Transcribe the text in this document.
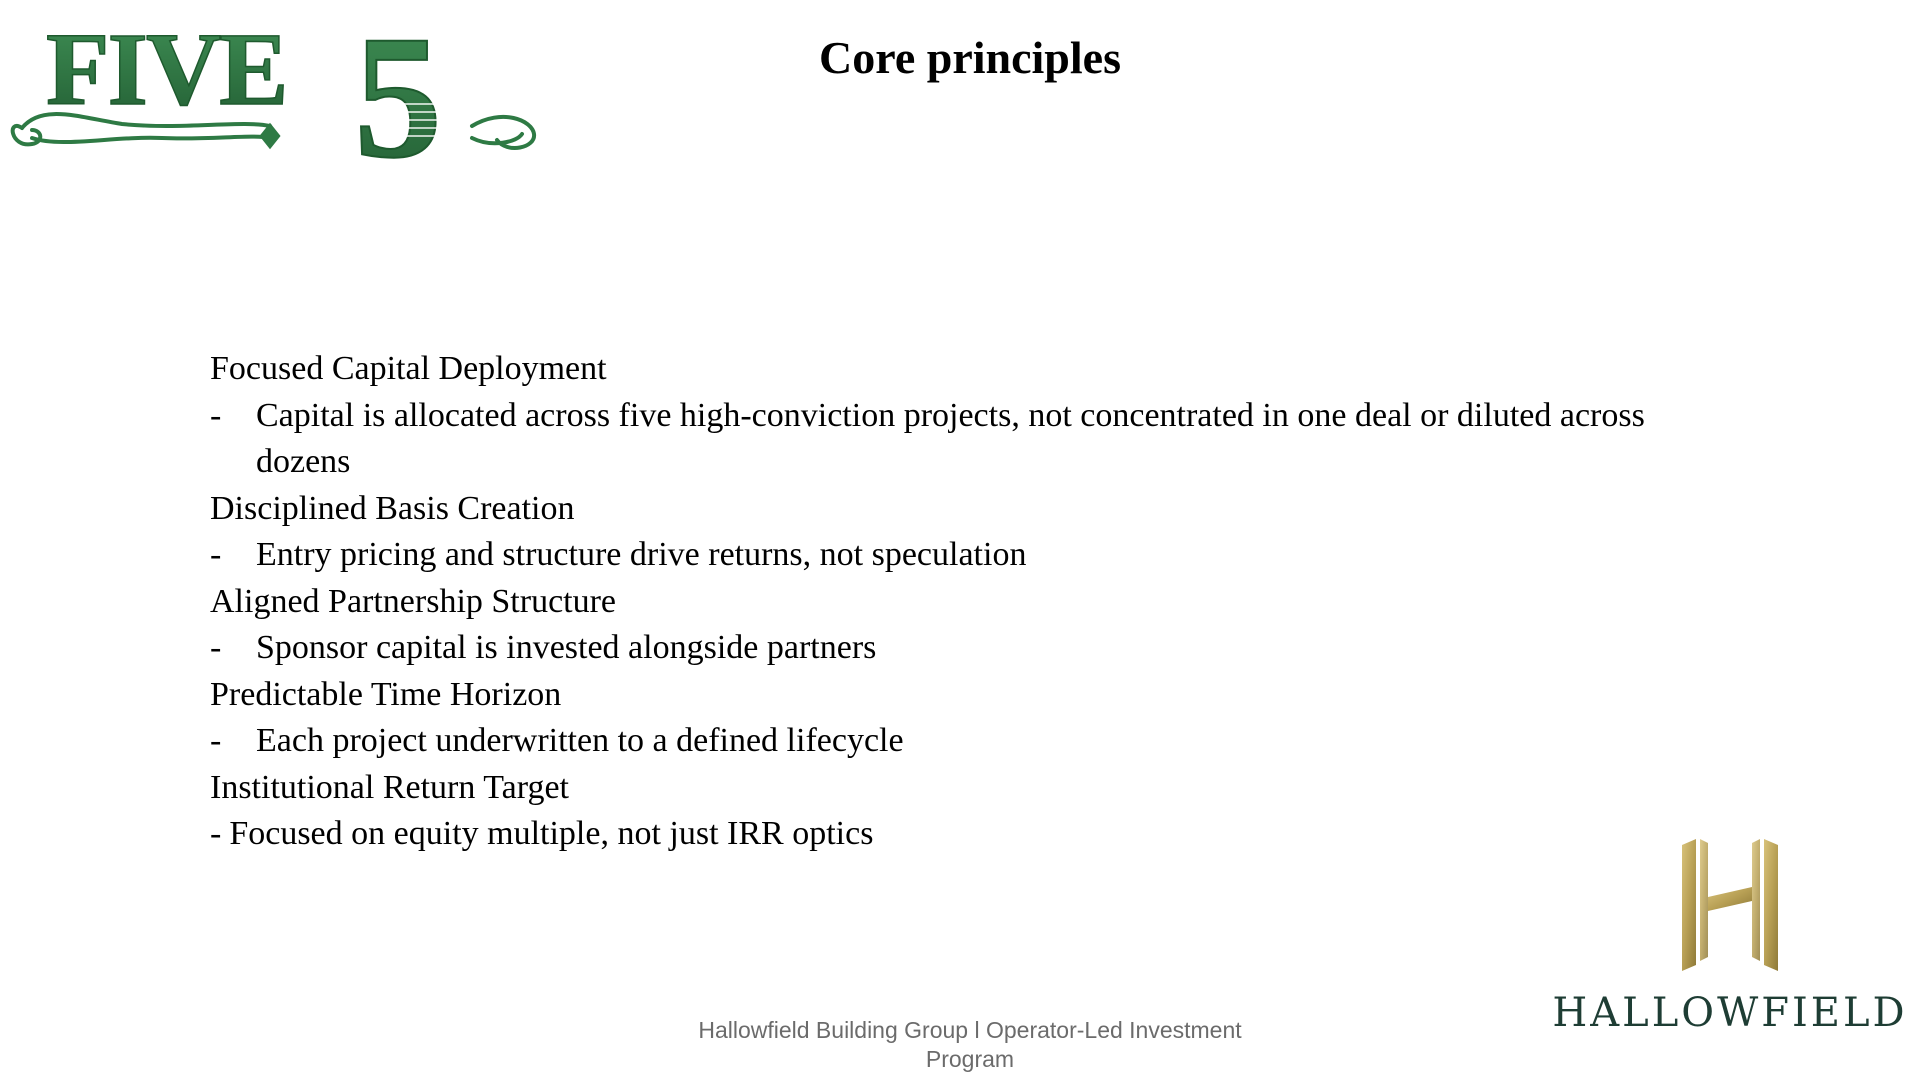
FIVE 5	Core principles
Focused Capital Deployment
-	Capital is allocated across five high-conviction projects, not concentrated in one deal or diluted across dozens
Disciplined Basis Creation
-	Entry pricing and structure drive returns, not speculation
Aligned Partnership Structure
-	Sponsor capital is invested alongside partners
Predictable Time Horizon
-	Each project underwritten to a defined lifecycle
Institutional Return Target
- Focused on equity multiple, not just IRR optics
Hallowfield Building Group l Operator-Led Investment Program
HALLOWFIELD
